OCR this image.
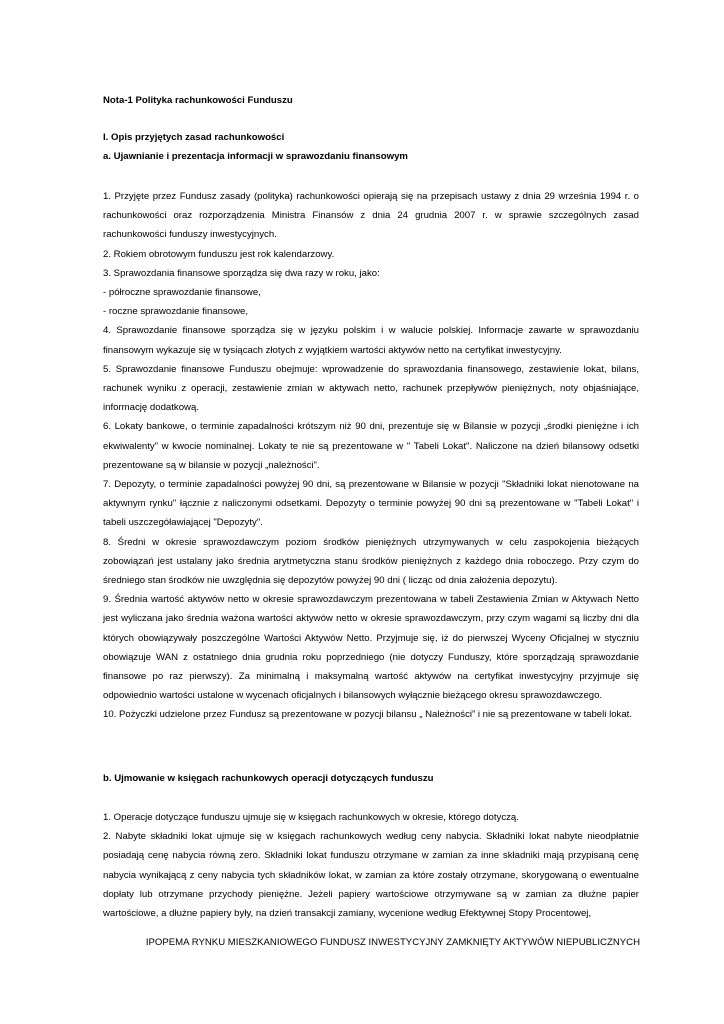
Nota-1 Polityka rachunkowości Funduszu

I. Opis przyjętych zasad rachunkowości

a. Ujawnianie i prezentacja informacji w sprawozdaniu finansowym

1. Przyjęte przez Fundusz zasady (polityka) rachunkowości opierają się na przepisach ustawy z dnia 29 września 1994 r. o rachunkowości oraz rozporządzenia Ministra Finansów z dnia 24 grudnia 2007 r. w sprawie szczególnych zasad rachunkowości funduszy inwestycyjnych.

2. Rokiem obrotowym funduszu jest rok kalendarzowy.

3. Sprawozdania finansowe sporządza się dwa razy w roku, jako:

- półroczne sprawozdanie finansowe,

- roczne sprawozdanie finansowe,

4. Sprawozdanie finansowe sporządza się w języku polskim i w walucie polskiej. Informacje zawarte w sprawozdaniu finansowym wykazuje się w tysiącach złotych z wyjątkiem wartości aktywów netto na certyfikat inwestycyjny.

5. Sprawozdanie finansowe Funduszu obejmuje: wprowadzenie do sprawozdania finansowego, zestawienie lokat, bilans, rachunek wyniku z operacji, zestawienie zmian w aktywach netto, rachunek przepływów pieniężnych, noty objaśniające, informację dodatkową.

6. Lokaty bankowe, o terminie zapadalności krótszym niż 90 dni, prezentuje się w Bilansie w pozycji „środki pieniężne i ich ekwiwalenty” w kwocie nominalnej. Lokaty te nie są prezentowane w " Tabeli Lokat". Naliczone na dzień bilansowy odsetki prezentowane są w bilansie w pozycji „należności”.

7. Depozyty, o terminie zapadalności powyżej 90 dni, są prezentowane w Bilansie w pozycji "Składniki lokat nienotowane na aktywnym rynku" łącznie z naliczonymi odsetkami. Depozyty o terminie powyżej 90 dni są prezentowane w "Tabeli Lokat" i tabeli uszczegóławiającej "Depozyty".

8. Średni w okresie sprawozdawczym poziom środków pieniężnych utrzymywanych w celu zaspokojenia bieżących zobowiązań jest ustalany jako średnia arytmetyczna stanu środków pieniężnych z każdego dnia roboczego. Przy czym do średniego stan środków nie uwzględnia się depozytów powyżej 90 dni ( licząc od dnia założenia depozytu).

9. Średnia wartość aktywów netto w okresie sprawozdawczym prezentowana w tabeli Zestawienia Zmian w Aktywach Netto jest wyliczana jako średnia ważona wartości aktywów netto w okresie sprawozdawczym, przy czym wagami są liczby dni dla których obowiązywały poszczególne Wartości Aktywów Netto. Przyjmuje się, iż do pierwszej Wyceny Oficjalnej w styczniu obowiązuje WAN z ostatniego dnia grudnia roku poprzedniego (nie dotyczy Funduszy, które sporządzają sprawozdanie finansowe po raz pierwszy). Za minimalną i maksymalną wartość aktywów na certyfikat inwestycyjny przyjmuje się odpowiednio wartości ustalone w wycenach oficjalnych i bilansowych wyłącznie bieżącego okresu sprawozdawczego.

10. Pożyczki udzielone przez Fundusz są prezentowane w pozycji bilansu „ Należności” i nie są prezentowane w tabeli lokat.

b. Ujmowanie w księgach rachunkowych operacji dotyczących funduszu

1. Operacje dotyczące funduszu ujmuje się w księgach rachunkowych w okresie, którego dotyczą.

2. Nabyte składniki lokat ujmuje się w księgach rachunkowych według ceny nabycia. Składniki lokat nabyte nieodpłatnie posiadają cenę nabycia równą zero. Składniki lokat funduszu otrzymane w zamian za inne składniki mają przypisaną cenę nabycia wynikającą z ceny nabycia tych składników lokat, w zamian za które zostały otrzymane, skorygowaną o ewentualne dopłaty lub otrzymane przychody pieniężne. Jeżeli papiery wartościowe otrzymywane są w zamian za dłużne papier wartościowe, a dłużne papiery były, na dzień transakcji zamiany, wycenione według Efektywnej Stopy Procentowej,

IPOPEMA RYNKU MIESZKANIOWEGO FUNDUSZ INWESTYCYJNY ZAMKNIĘTY AKTYWÓW NIEPUBLICZNYCH
